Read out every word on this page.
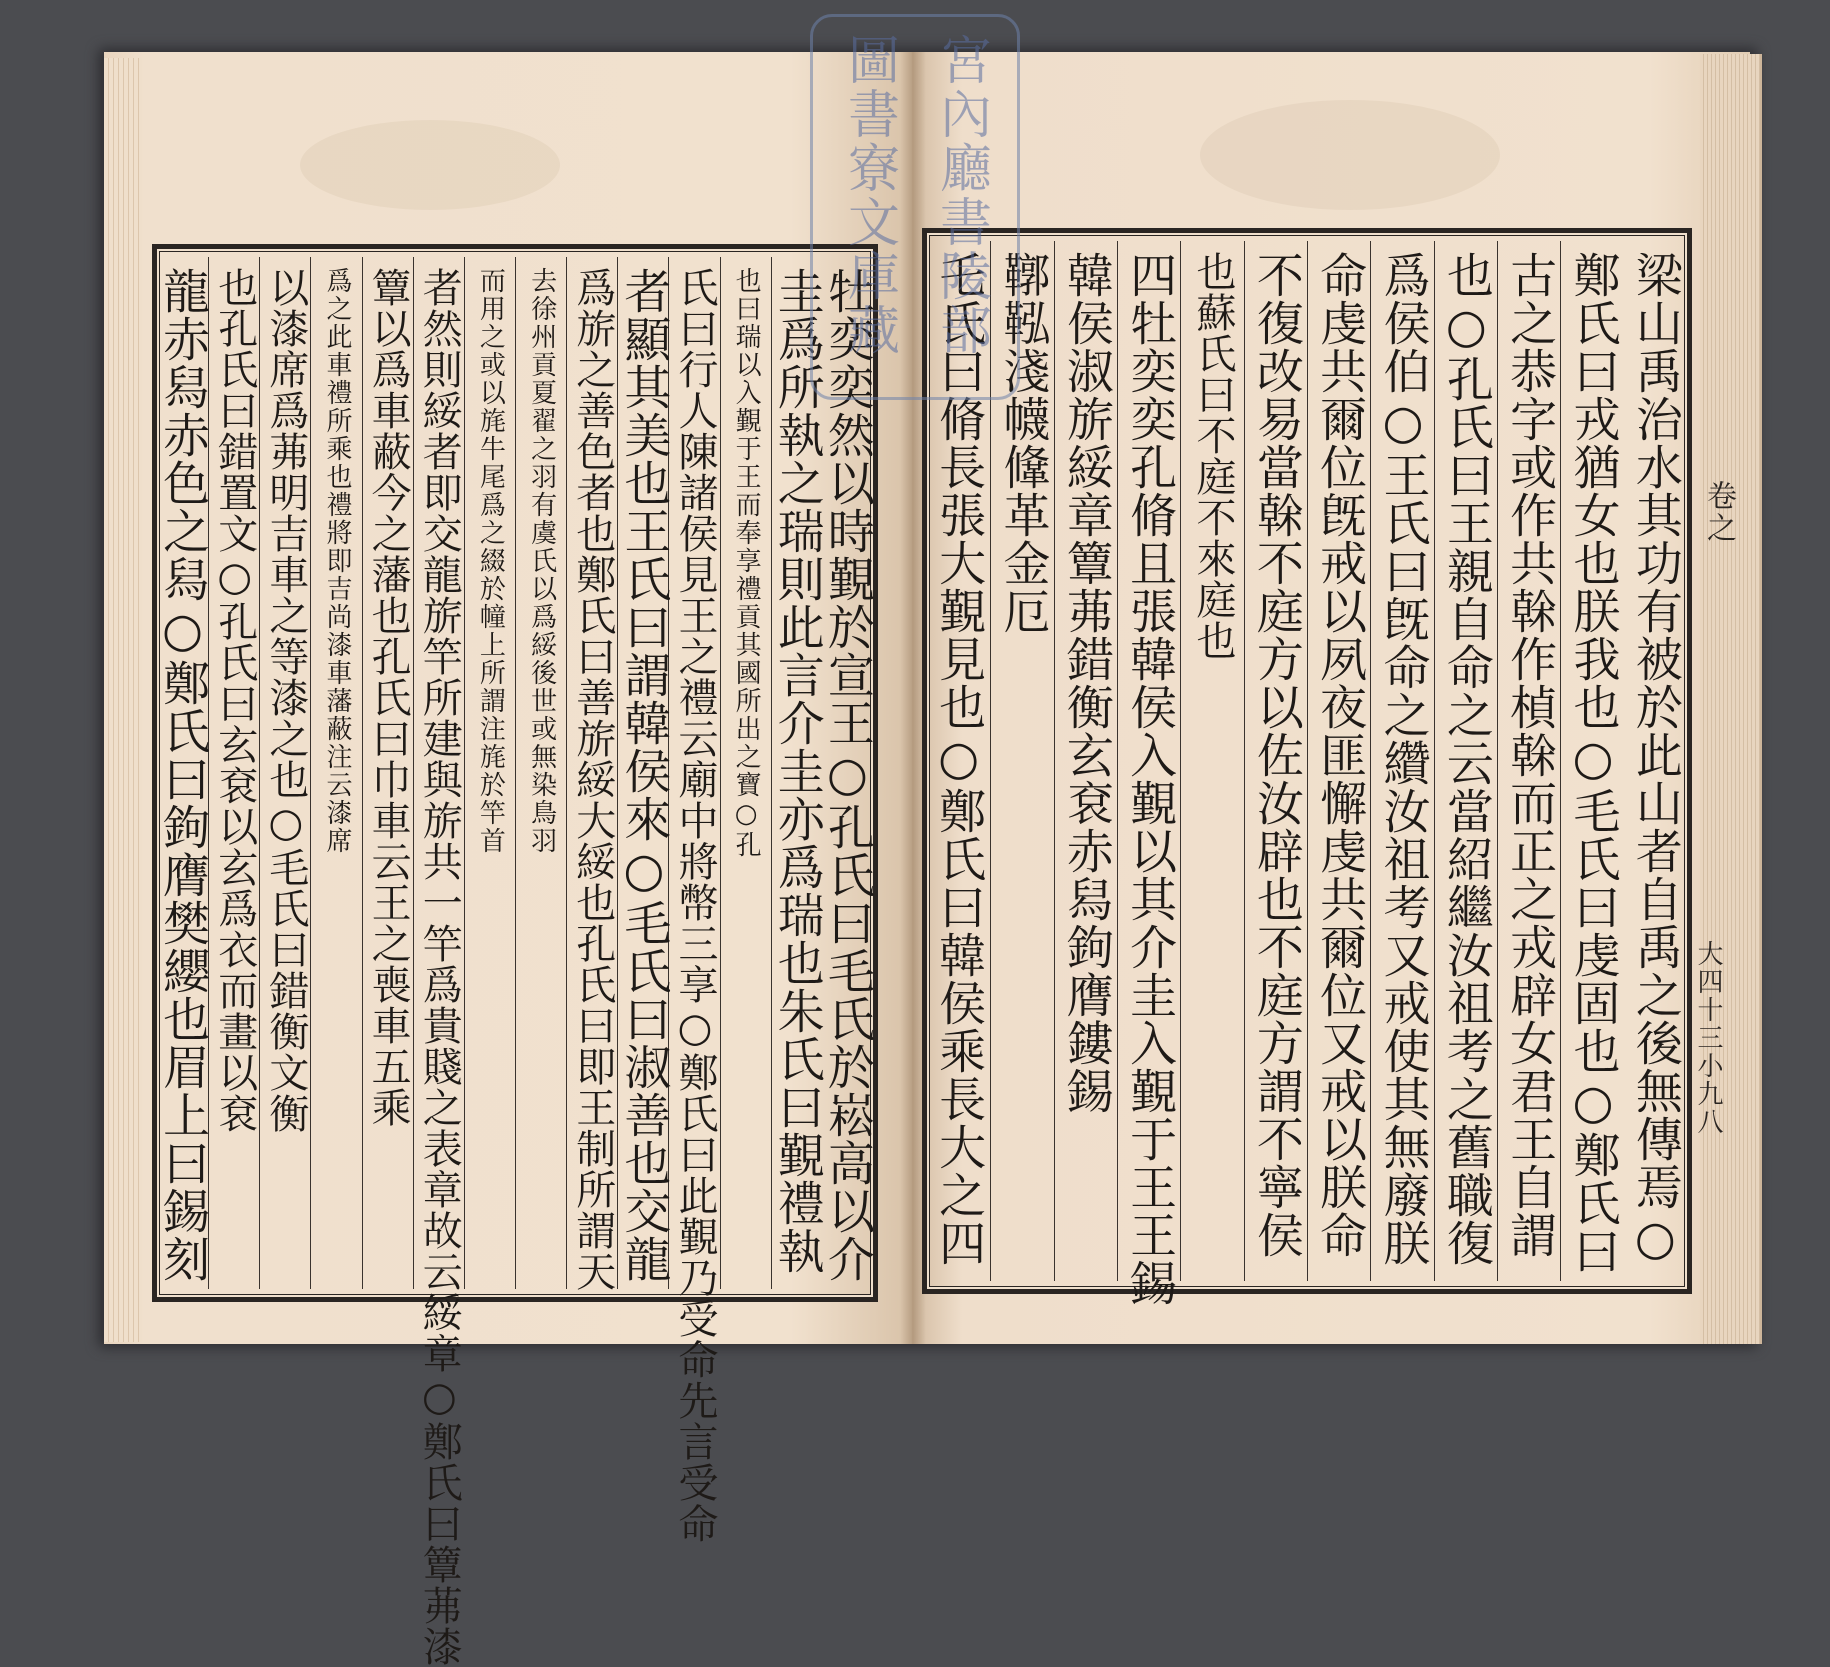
梁山禹治水其功有被於此山者自禹之後無傳焉○
鄭氏曰戎猶女也朕我也○毛氏曰虔固也○鄭氏曰
古之恭字或作共榦作楨榦而正之戎辟女君王自謂
也○孔氏曰王親自命之云當紹繼汝祖考之舊職復
爲侯伯○王氏曰旣命之纘汝祖考又戒使其無廢朕
命虔共爾位旣戒以夙夜匪懈虔共爾位又戒以朕命
不復改易當榦不庭方以佐汝辟也不庭方謂不寧侯
也蘇氏曰不庭不來庭也
四牡奕奕孔脩且張韓侯入覲以其介圭入覲于王王錫
韓侯淑旂綏章簟茀錯衡玄袞赤舄鉤膺鏤錫
鞹鞃淺幭鞗革金厄
乇氏曰脩長張大覲見也○鄭氏曰韓侯乘長大之四
牡奕奕然以時覲於宣王○孔氏曰毛氏於崧高以介
圭爲所執之瑞則此言介圭亦爲瑞也朱氏曰覲禮執
也曰瑞以入覲于王而奉享禮貢其國所出之寶○孔
氏曰行人陳諸侯見王之禮云廟中將幣三享○鄭氏曰此覲乃受命先言受命
者顯其美也王氏曰謂韓侯來○毛氏曰淑善也交龍
爲旂之善色者也鄭氏曰善旂綏大綏也孔氏曰即王制所謂天
去徐州貢夏翟之羽有虞氏以爲綏後世或無染鳥羽
而用之或以旄牛尾爲之綴於幢上所謂注旄於竿首
者然則綏者即交龍旂竿所建與旂共一竿爲貴賤之表章故云綏章○鄭氏曰簟茀漆
簟以爲車蔽今之藩也孔氏曰巾車云王之喪車五乘
爲之此車禮所乘也禮將即吉尚漆車藩蔽注云漆席
以漆席爲茀明吉車之等漆之也○毛氏曰錯衡文衡
也孔氏曰錯置文○孔氏曰玄袞以玄爲衣而畫以袞
龍赤舄赤色之舄○鄭氏曰鉤膺樊纓也眉上曰錫刻	卷之
大四十三小九八
宮內廳書陵部
圖書寮文庫藏
